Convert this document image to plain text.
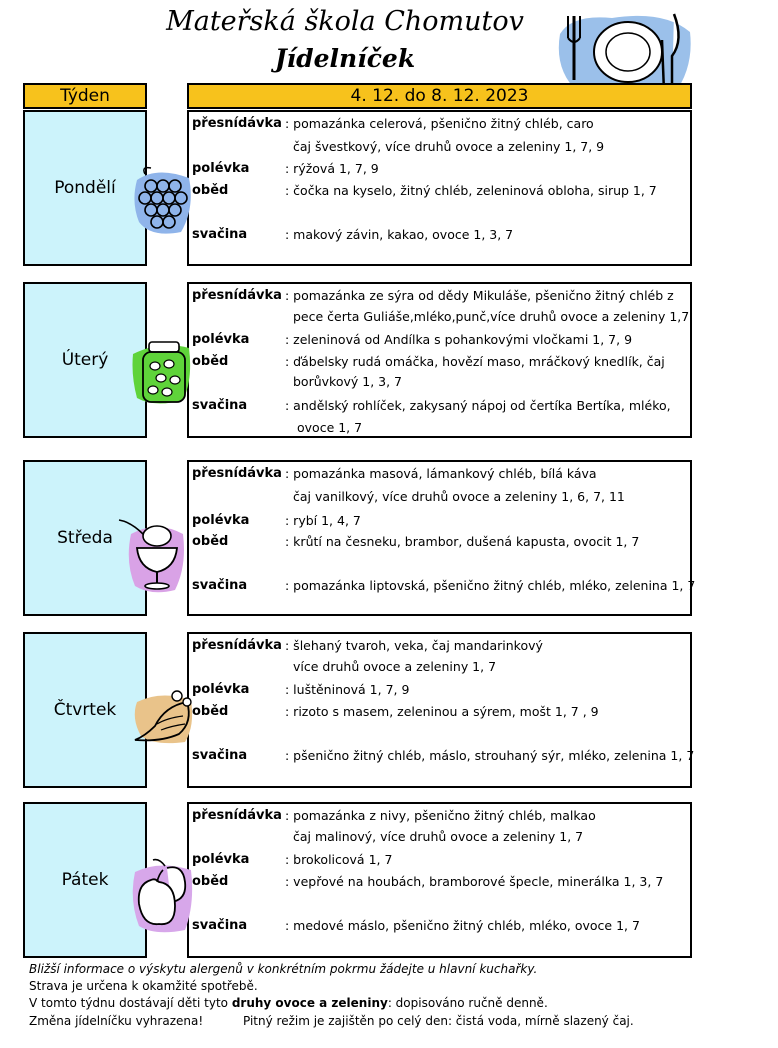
Mateřská škola Chomutov
Jídelníček
Týden	4. 12. do 8. 12. 2023
Pondělí
přesnídávka : pomazánka celerová, pšeničnо žitný chléb, caro
čaj švestkový, více druhů ovoce a zeleniny 1, 7, 9
polévka	: rýžová 1, 7, 9
oběd	: čočka na kyselo, žitný chléb, zeleninová obloha, sirup 1, 7
svačina	: makový závin, kakao, ovoce 1, 3, 7
Úterý
přesnídávka : pomazánka ze sýra od dědy Mikuláše, pšeničnо žitný chléb z
pece čerta Guliáše,mléko,punč,více druhů ovoce a zeleniny 1,7
polévka	: zeleninová od Andílka s pohankovými vločkami 1, 7, 9
oběd	: ďábelsky rudá omáčka, hovězí maso, mráčkový knedlík, čaj
borůvkový 1, 3, 7
svačina	: andělský rohlíček, zakysaný nápoj od čertíka Bertíka, mléko,
ovoce 1, 7
Středa
přesnídávka : pomazánka masová, lámankový chléb, bílá káva
čaj vanilkový, více druhů ovoce a zeleniny 1, 6, 7, 11
polévka	: rybí 1, 4, 7
oběd	: krůtí na česneku, brambor, dušená kapusta, ovocit 1, 7
svačina	: pomazánka liptovská, pšeničnо žitný chléb, mléko, zelenina 1, 7
Čtvrtek
přesnídávka : šlehaný tvaroh, veka, čaj mandarinkový
více druhů ovoce a zeleniny 1, 7
polévka	: luštěninová 1, 7, 9
oběd	: rizoto s masem, zeleninou a sýrem, mošt 1, 7 , 9
svačina	: pšeničnо žitný chléb, máslo, strouhaný sýr, mléko, zelenina 1, 7
Pátek
přesnídávka : pomazánka z nivy, pšeničnо žitný chléb, malkao
čaj malinový, více druhů ovoce a zeleniny 1, 7
polévka	: brokolicová 1, 7
oběd	: vepřové na houbách, bramborové špecle, minerálka 1, 3, 7
svačina	: medové máslo, pšeničnо žitný chléb, mléko, ovoce 1, 7
Bližší informace o výskytu alergenů v konkrétním pokrmu žádejte u hlavní kuchařky.
Strava je určena k okamžité spotřebě.
V tomto týdnu dostávají děti tyto druhy ovoce a zeleniny: dopisováno ručně denně.
Změna jídelníčku vyhrazena!	Pitný režim je zajištěn po celý den: čistá voda, mírně slazený čaj.
